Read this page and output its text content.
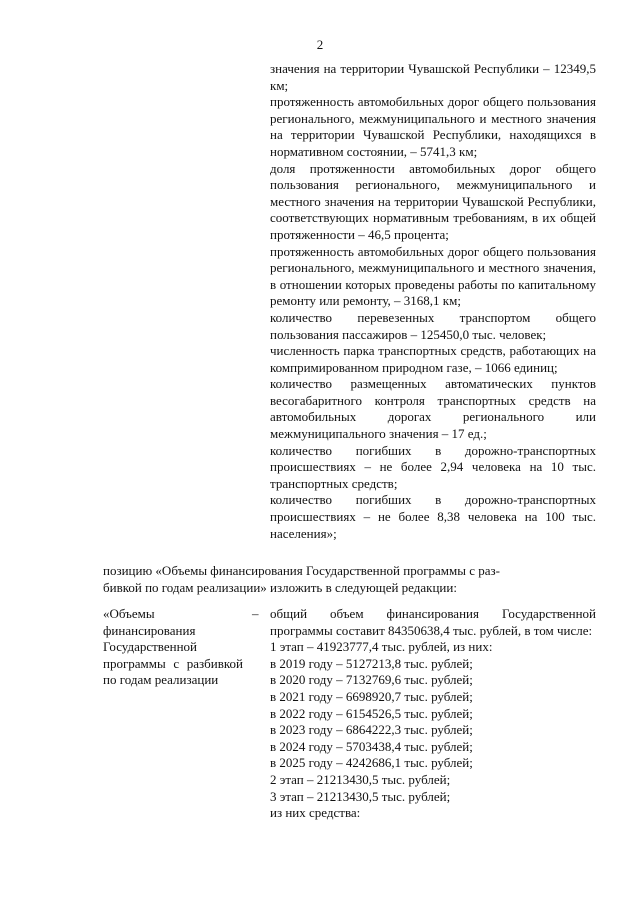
2

значения на территории Чувашской Республики – 12349,5 км;

протяженность автомобильных дорог общего пользования регионального, межмуниципального и местного значения на территории Чувашской Республики, находящихся в нормативном состоянии, – 5741,3 км;

доля протяженности автомобильных дорог общего пользования регионального, межмуниципального и местного значения на территории Чувашской Республики, соответствующих нормативным требованиям, в их общей протяженности – 46,5 процента;

протяженность автомобильных дорог общего пользования регионального, межмуниципального и местного значения, в отношении которых проведены работы по капитальному ремонту или ремонту, – 3168,1 км;

количество перевезенных транспортом общего пользования пассажиров – 125450,0 тыс. человек;

численность парка транспортных средств, работающих на компримированном природном газе, – 1066 единиц;

количество размещенных автоматических пунктов весогабаритного контроля транспортных средств на автомобильных дорогах регионального или межмуниципального значения – 17 ед.;

количество погибших в дорожно-транспортных происшествиях – не более 2,94 человека на 10 тыс. транспортных средств;

количество погибших в дорожно-транспортных происшествиях – не более 8,38 человека на 100 тыс. населения»;

позицию «Объемы финансирования Государственной программы с раз-
бивкой по годам реализации» изложить в следующей редакции:
«Объемы финансирования Государственной программы с разбивкой по годам реализации
– общий объем финансирования Государственной программы составит 84350638,4 тыс. рублей, в том числе:

1 этап – 41923777,4 тыс. рублей, из них:

в 2019 году – 5127213,8 тыс. рублей;

в 2020 году – 7132769,6 тыс. рублей;

в 2021 году – 6698920,7 тыс. рублей;

в 2022 году – 6154526,5 тыс. рублей;

в 2023 году – 6864222,3 тыс. рублей;

в 2024 году – 5703438,4 тыс. рублей;

в 2025 году – 4242686,1 тыс. рублей;

2 этап – 21213430,5 тыс. рублей;

3 этап – 21213430,5 тыс. рублей;

из них средства:
